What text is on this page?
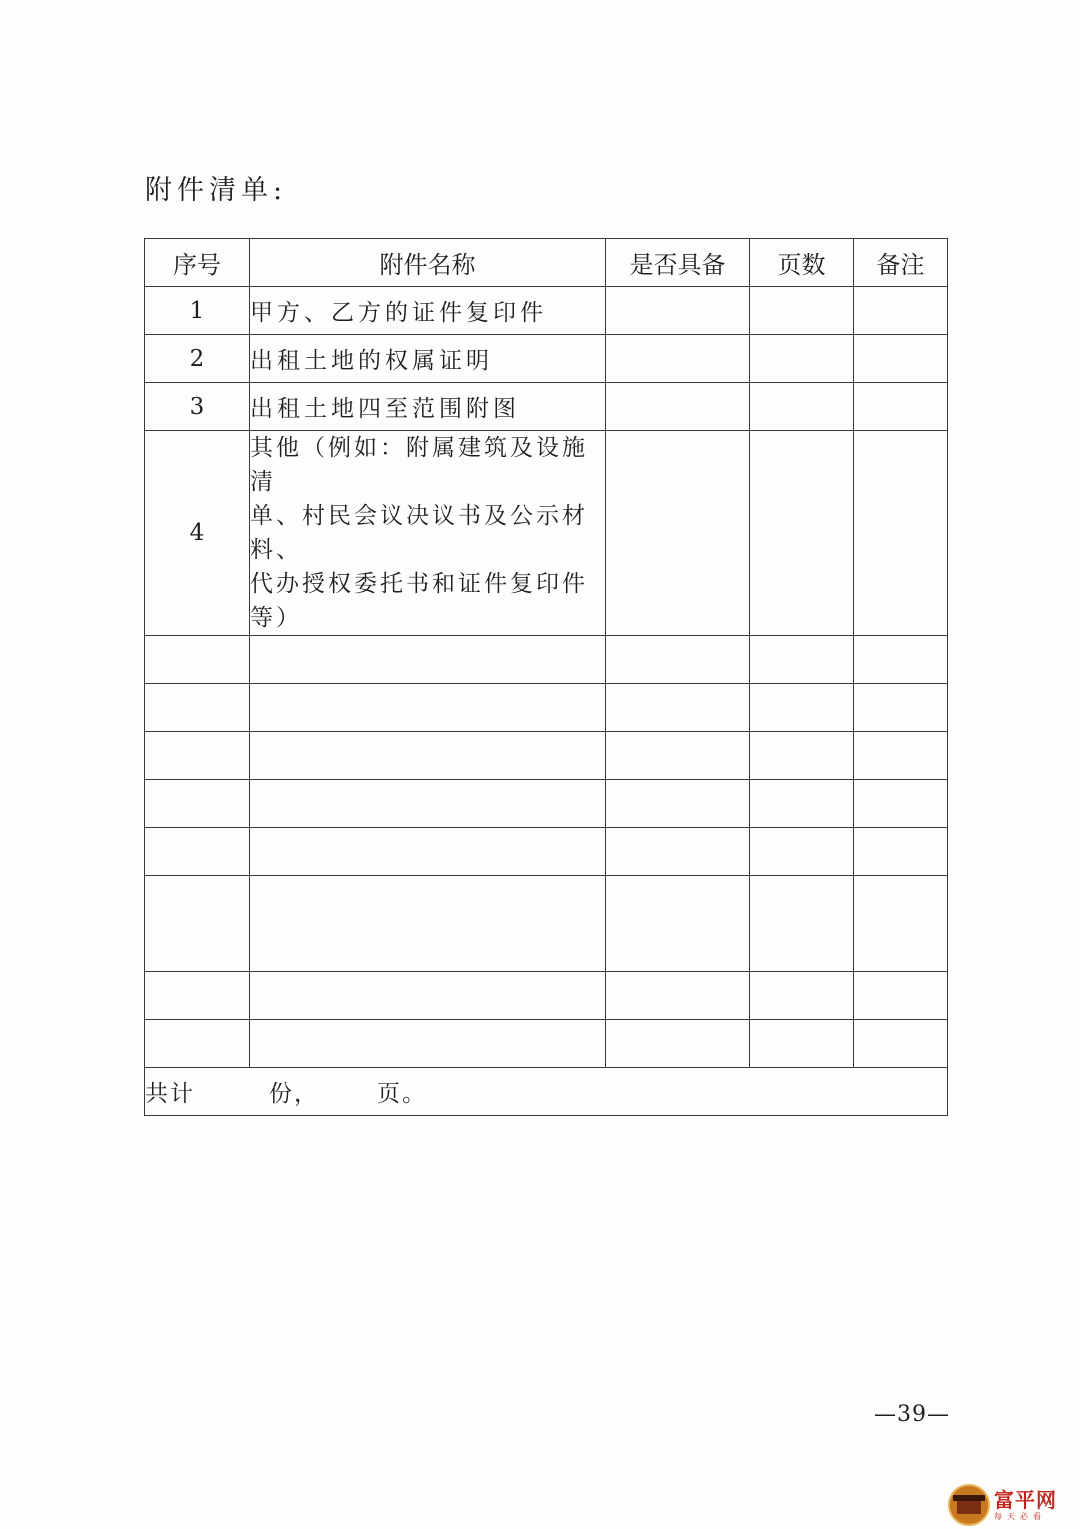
附件清单:
序号	附件名称	是否具备	页数	备注
1	甲方、乙方的证件复印件			
2	出租土地的权属证明			
3	出租土地四至范围附图			
4	其他（例如：附属建筑及设施清
单、村民会议决议书及公示材料、
代办授权委托书和证件复印件
等）			

共计 份， 页。				
—39—
富平网
每天必看
